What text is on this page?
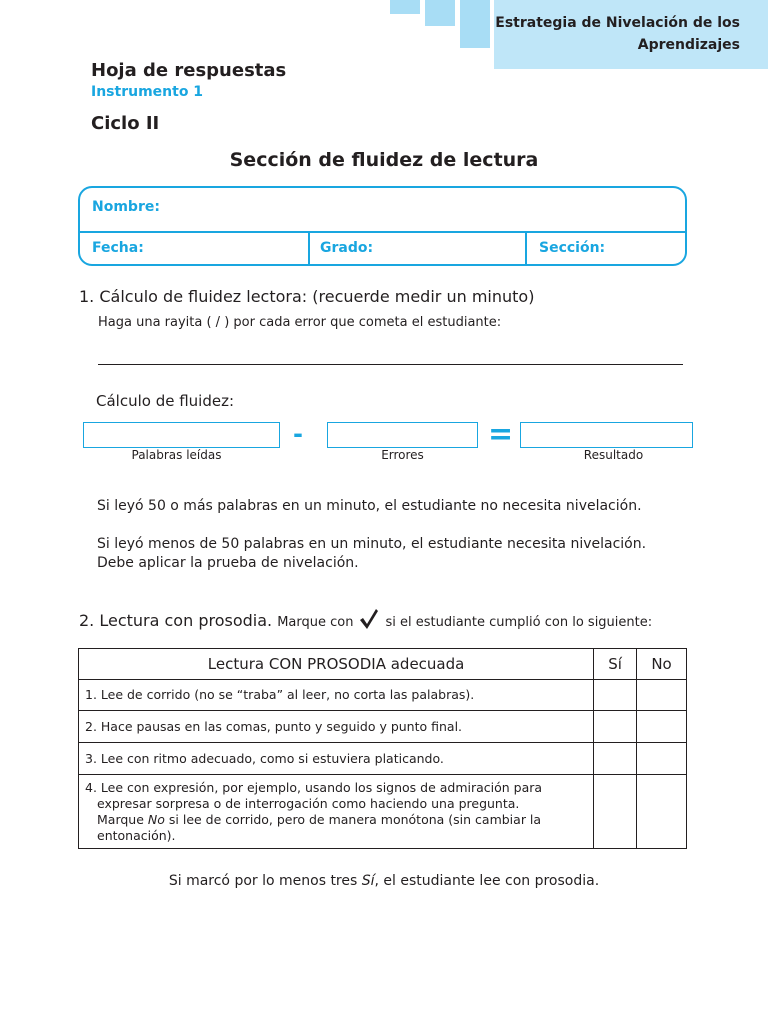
Estrategia de Nivelación de los
Aprendizajes
Hoja de respuestas
Instrumento 1
Ciclo II
Sección de fluidez de lectura
Nombre:
Fecha:	Grado:	Sección:
1. Cálculo de fluidez lectora: (recuerde medir un minuto)
Haga una rayita ( / ) por cada error que cometa el estudiante:
Cálculo de fluidez:
-	=
Palabras leídas	Errores	Resultado
Si leyó 50 o más palabras en un minuto, el estudiante no necesita nivelación.
Si leyó menos de 50 palabras en un minuto, el estudiante necesita nivelación.
Debe aplicar la prueba de nivelación.
2. Lectura con prosodia. Marque con si el estudiante cumplió con lo siguiente:
Lectura CON PROSODIA adecuada	Sí	No
1. Lee de corrido (no se “traba” al leer, no corta las palabras).		
2. Hace pausas en las comas, punto y seguido y punto final.		
3. Lee con ritmo adecuado, como si estuviera platicando.		
4. Lee con expresión, por ejemplo, usando los signos de admiración para
expresar sorpresa o de interrogación como haciendo una pregunta.
Marque No si lee de corrido, pero de manera monótona (sin cambiar la
entonación).		

Si marcó por lo menos tres Sí, el estudiante lee con prosodia.
